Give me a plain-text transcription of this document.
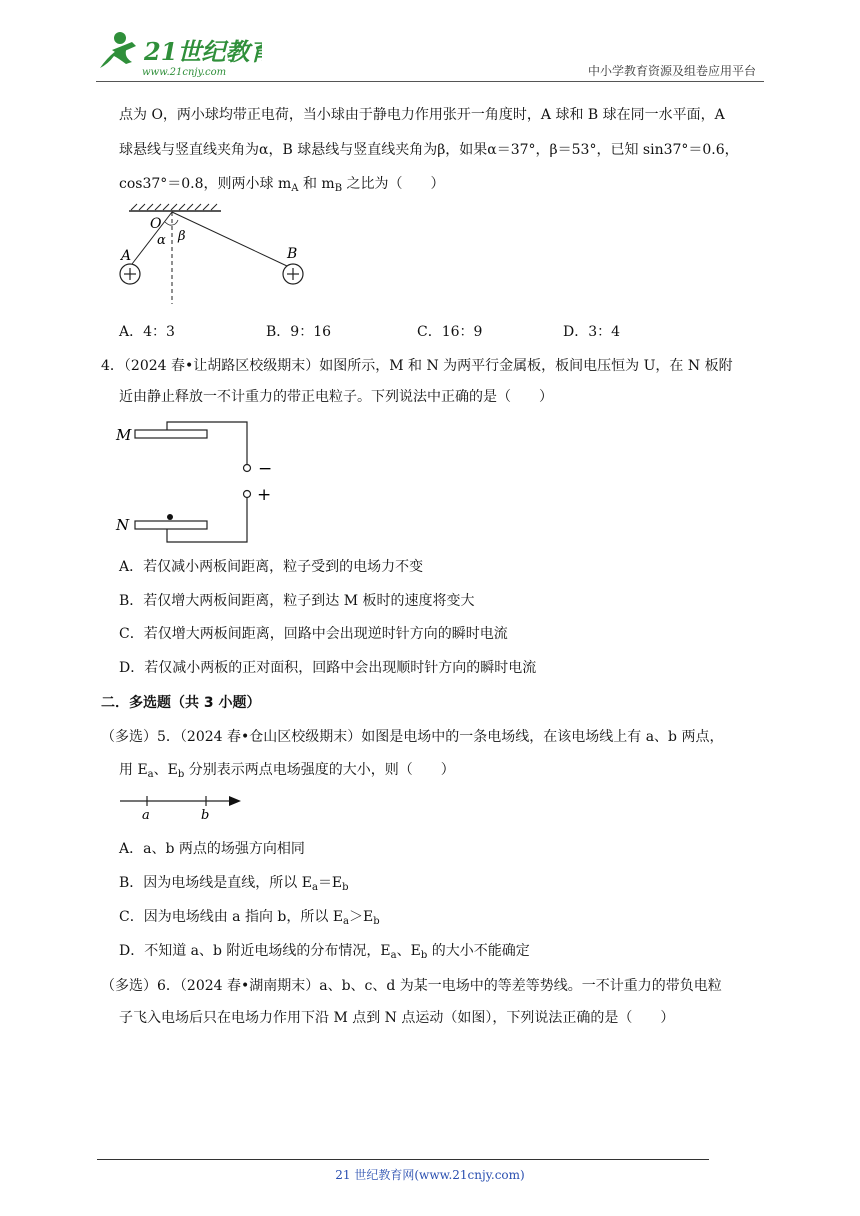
21世纪教育
www.21cnjy.com	中小学教育资源及组卷应用平台
点为 O，两小球均带正电荷，当小球由于静电力作用张开一角度时，A 球和 B 球在同一水平面，A
球悬线与竖直线夹角为α，B 球悬线与竖直线夹角为β，如果α＝37°，β＝53°，已知 sin37°＝0.6，
cos37°＝0.8，则两小球 $m_A$ 和 $m_B$ 之比为（　　）
O
α β
A	B
A．4：3	B．9：16	C．16：9	D．3：4
4．（2024 春•让胡路区校级期末）如图所示，M 和 N 为两平行金属板，板间电压恒为 U，在 N 板附
近由静止释放一不计重力的带正电粒子。下列说法中正确的是（　　）
M
N
−
+
A．若仅减小两板间距离，粒子受到的电场力不变
B．若仅增大两板间距离，粒子到达 M 板时的速度将变大
C．若仅增大两板间距离，回路中会出现逆时针方向的瞬时电流
D．若仅减小两板的正对面积，回路中会出现顺时针方向的瞬时电流
二．多选题（共 3 小题）
（多选）5．（2024 春•仓山区校级期末）如图是电场中的一条电场线，在该电场线上有 a、b 两点，
用 $E_a$、$E_b$ 分别表示两点电场强度的大小，则（　　）
a	b
A．a、b 两点的场强方向相同
B．因为电场线是直线，所以 $E_a=E_b$
C．因为电场线由 a 指向 b，所以 $E_a>E_b$
D．不知道 a、b 附近电场线的分布情况，$E_a$、$E_b$ 的大小不能确定
（多选）6．（2024 春•湖南期末）a、b、c、d 为某一电场中的等差等势线。一不计重力的带负电粒
子飞入电场后只在电场力作用下沿 M 点到 N 点运动（如图），下列说法正确的是（　　）
21 世纪教育网(www.21cnjy.com)
